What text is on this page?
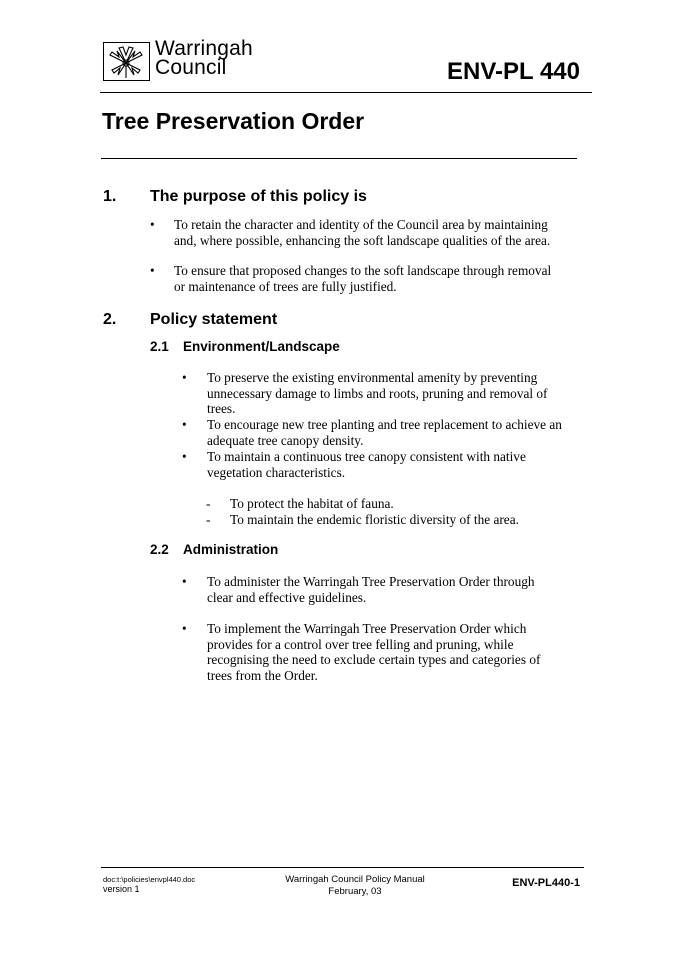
Warringah
Council	ENV-PL 440
Tree Preservation Order
1. The purpose of this policy is
•	To retain the character and identity of the Council area by maintaining
and, where possible, enhancing the soft landscape qualities of the area.
•	To ensure that proposed changes to the soft landscape through removal
or maintenance of trees are fully justified.
2. Policy statement
2.1 Environment/Landscape
•	To preserve the existing environmental amenity by preventing
unnecessary damage to limbs and roots, pruning and removal of
trees.
•	To encourage new tree planting and tree replacement to achieve an
adequate tree canopy density.
•	To maintain a continuous tree canopy consistent with native
vegetation characteristics.
- To protect the habitat of fauna.
- To maintain the endemic floristic diversity of the area.
2.2 Administration
•	To administer the Warringah Tree Preservation Order through
clear and effective guidelines.
•	To implement the Warringah Tree Preservation Order which
provides for a control over tree felling and pruning, while
recognising the need to exclude certain types and categories of
trees from the Order.
doc:t:\policies\envpl440.doc
version 1
Warringah Council Policy Manual
February, 03
ENV-PL440-1
